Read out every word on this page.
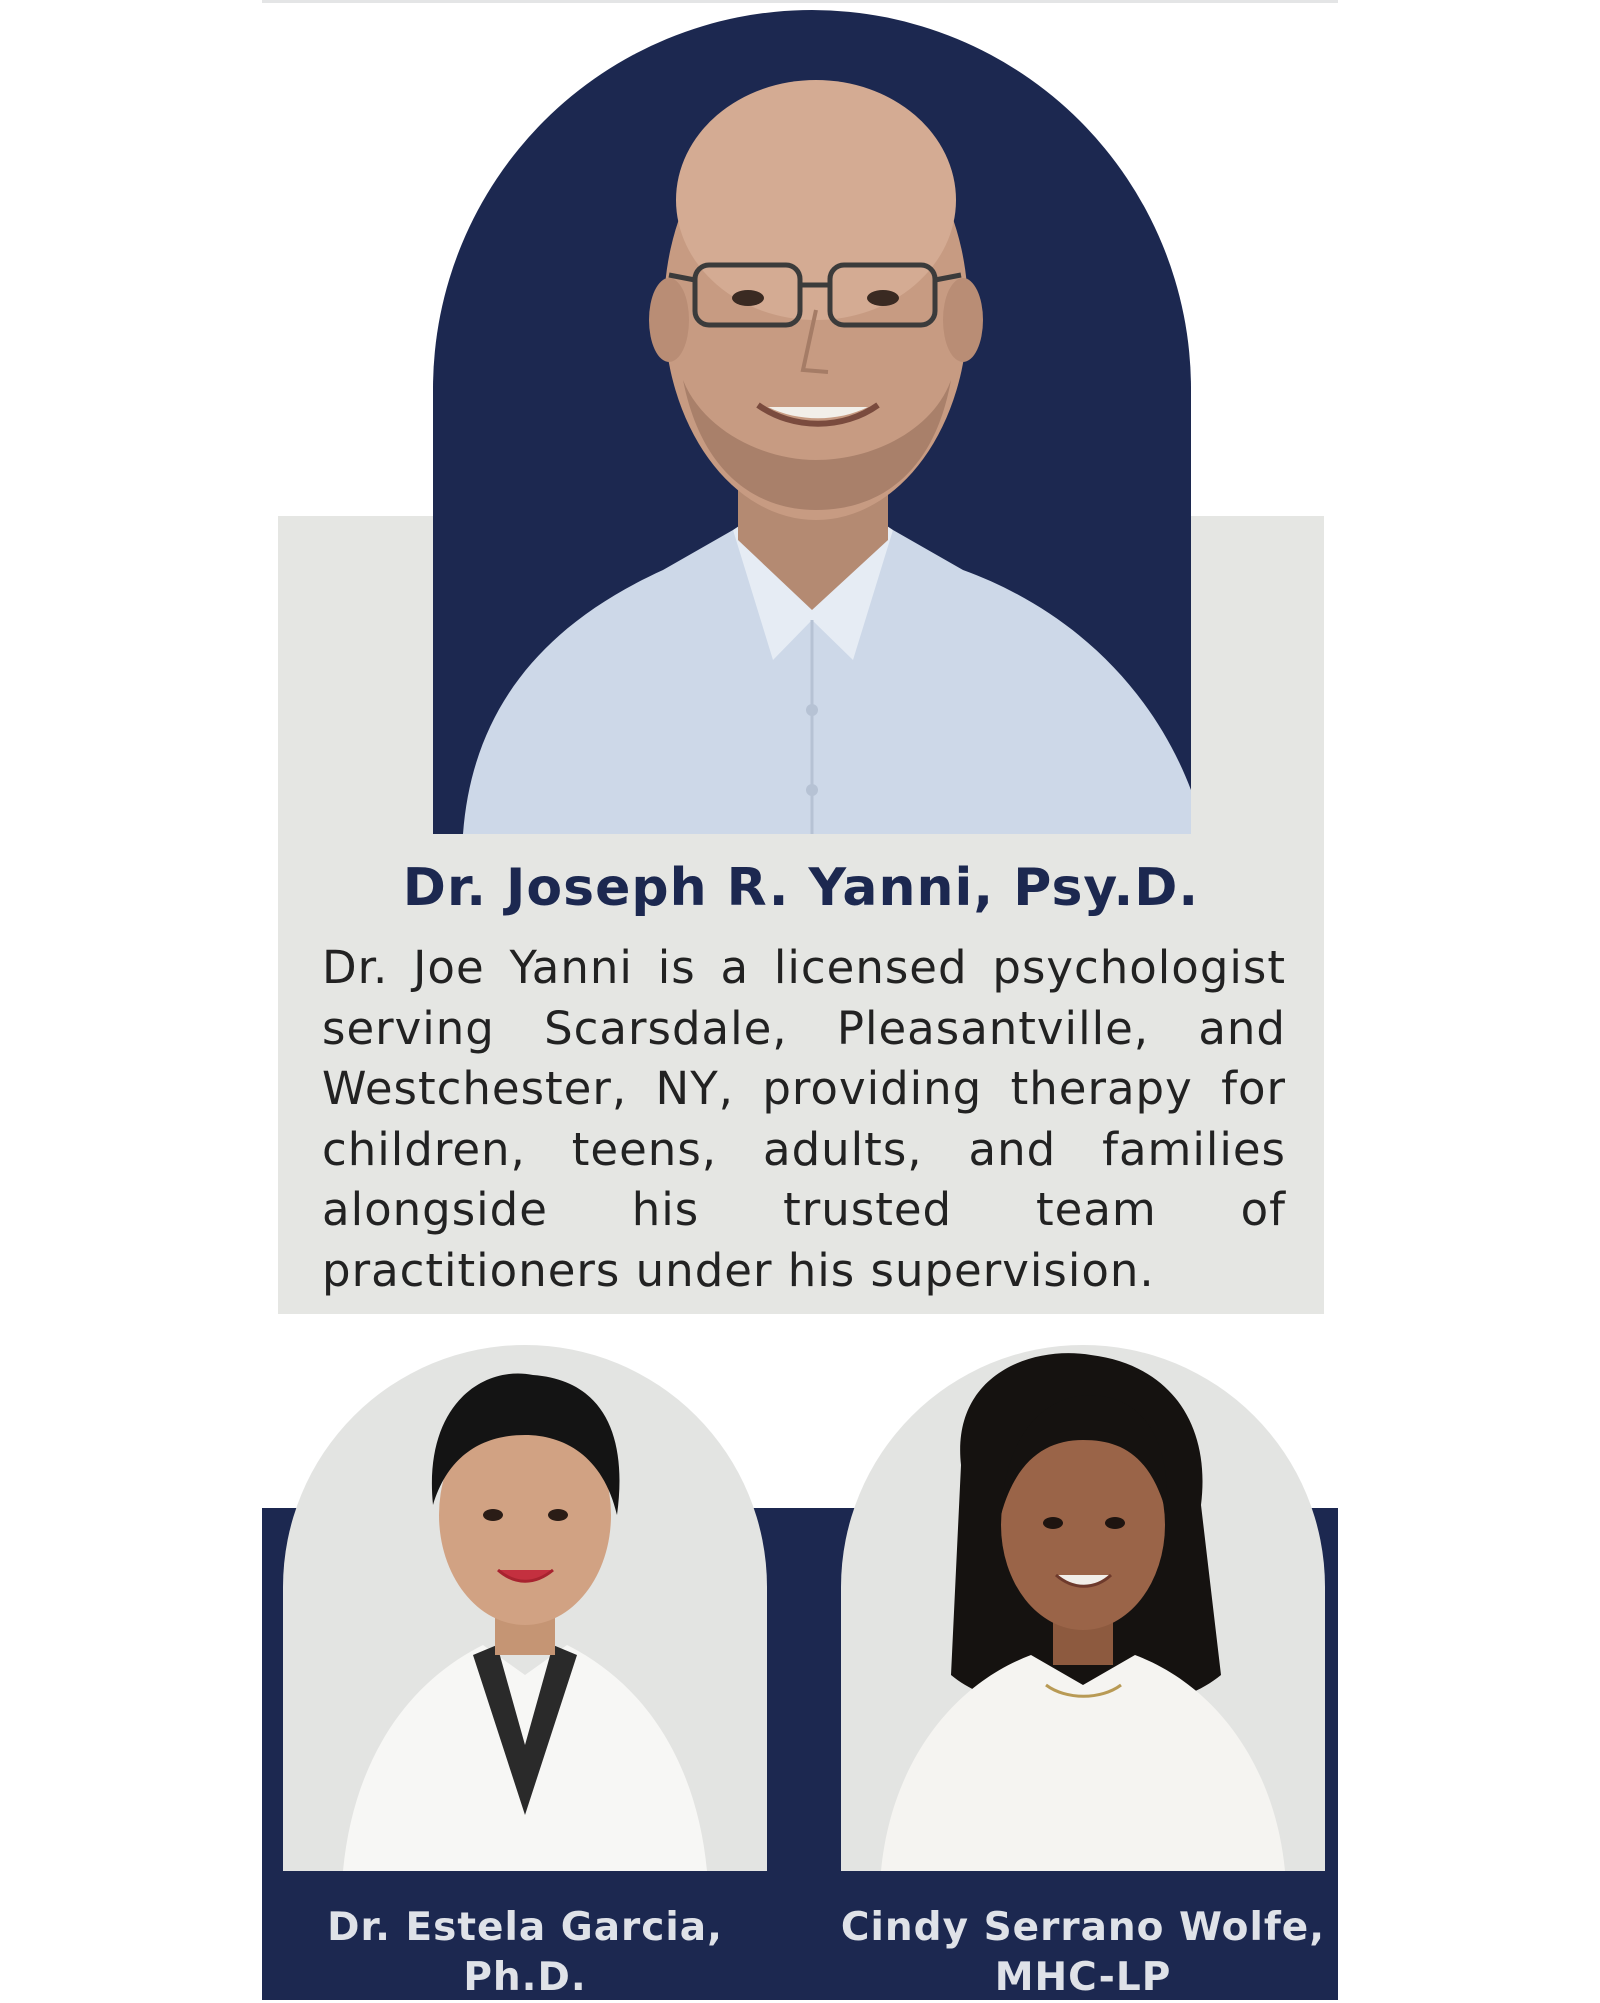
Dr. Joseph R. Yanni, Psy.D.
Dr. Joe Yanni is a licensed psychologist serving Scarsdale, Pleasantville, and Westchester, NY, providing therapy for children, teens, adults, and families alongside his trusted team of practitioners under his supervision.
Dr. Estela Garcia,
Ph.D.
Cindy Serrano Wolfe,
MHC-LP
